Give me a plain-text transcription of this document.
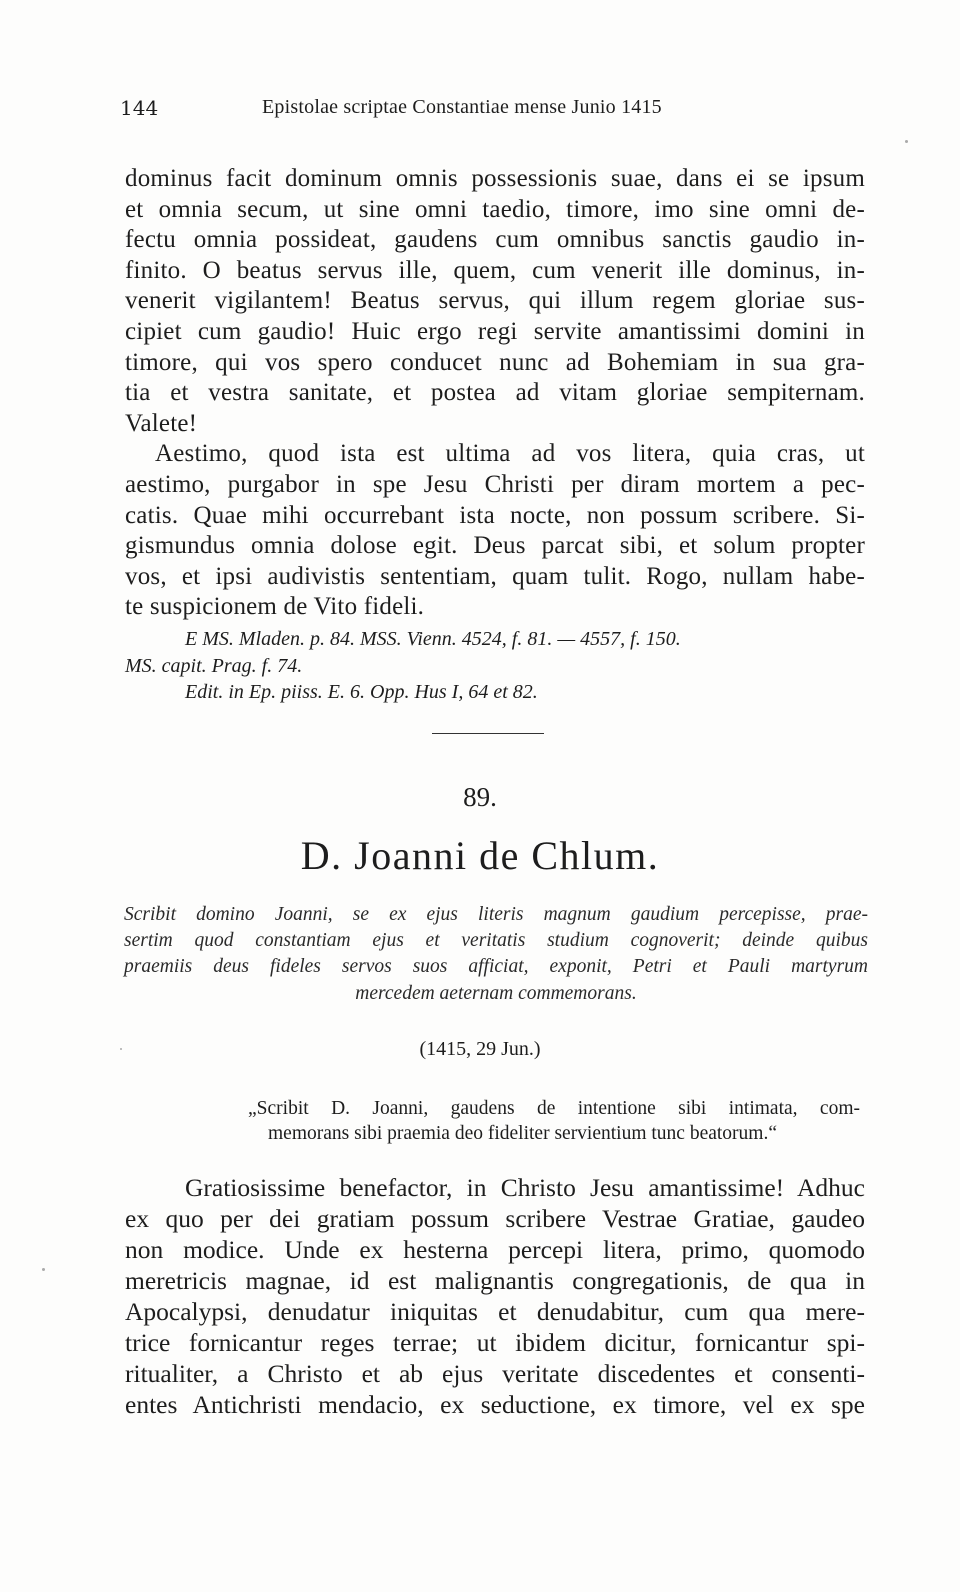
144	Epistolae scriptae Constantiae mense Junio 1415
dominus facit dominum omnis possessionis suae, dans ei se ipsum
et omnia secum, ut sine omni taedio, timore, imo sine omni de-
fectu omnia possideat, gaudens cum omnibus sanctis gaudio in-
finito. O beatus servus ille, quem, cum venerit ille dominus, in-
venerit vigilantem! Beatus servus, qui illum regem gloriae sus-
cipiet cum gaudio! Huic ergo regi servite amantissimi domini in
timore, qui vos spero conducet nunc ad Bohemiam in sua gra-
tia et vestra sanitate, et postea ad vitam gloriae sempiternam.
Valete!
Aestimo, quod ista est ultima ad vos litera, quia cras, ut
aestimo, purgabor in spe Jesu Christi per diram mortem a pec-
catis. Quae mihi occurrebant ista nocte, non possum scribere. Si-
gismundus omnia dolose egit. Deus parcat sibi, et solum propter
vos, et ipsi audivistis sententiam, quam tulit. Rogo, nullam habe-
te suspicionem de Vito fideli.
E MS. Mladen. p. 84. MSS. Vienn. 4524, f. 81. — 4557, f. 150.
MS. capit. Prag. f. 74.
Edit. in Ep. piiss. E. 6. Opp. Hus I, 64 et 82.
89.
D. Joanni de Chlum.
Scribit domino Joanni, se ex ejus literis magnum gaudium percepisse, prae-
sertim quod constantiam ejus et veritatis studium cognoverit; deinde quibus
praemiis deus fideles servos suos afficiat, exponit, Petri et Pauli martyrum
mercedem aeternam commemorans.
(1415, 29 Jun.)
„Scribit D. Joanni, gaudens de intentione sibi intimata, com-
memorans sibi praemia deo fideliter servientium tunc beatorum.“
Gratiosissime benefactor, in Christo Jesu amantissime! Adhuc
ex quo per dei gratiam possum scribere Vestrae Gratiae, gaudeo
non modice. Unde ex hesterna percepi litera, primo, quomodo
meretricis magnae, id est malignantis congregationis, de qua in
Apocalypsi, denudatur iniquitas et denudabitur, cum qua mere-
trice fornicantur reges terrae; ut ibidem dicitur, fornicantur spi-
ritualiter, a Christo et ab ejus veritate discedentes et consenti-
entes Antichristi mendacio, ex seductione, ex timore, vel ex spe
